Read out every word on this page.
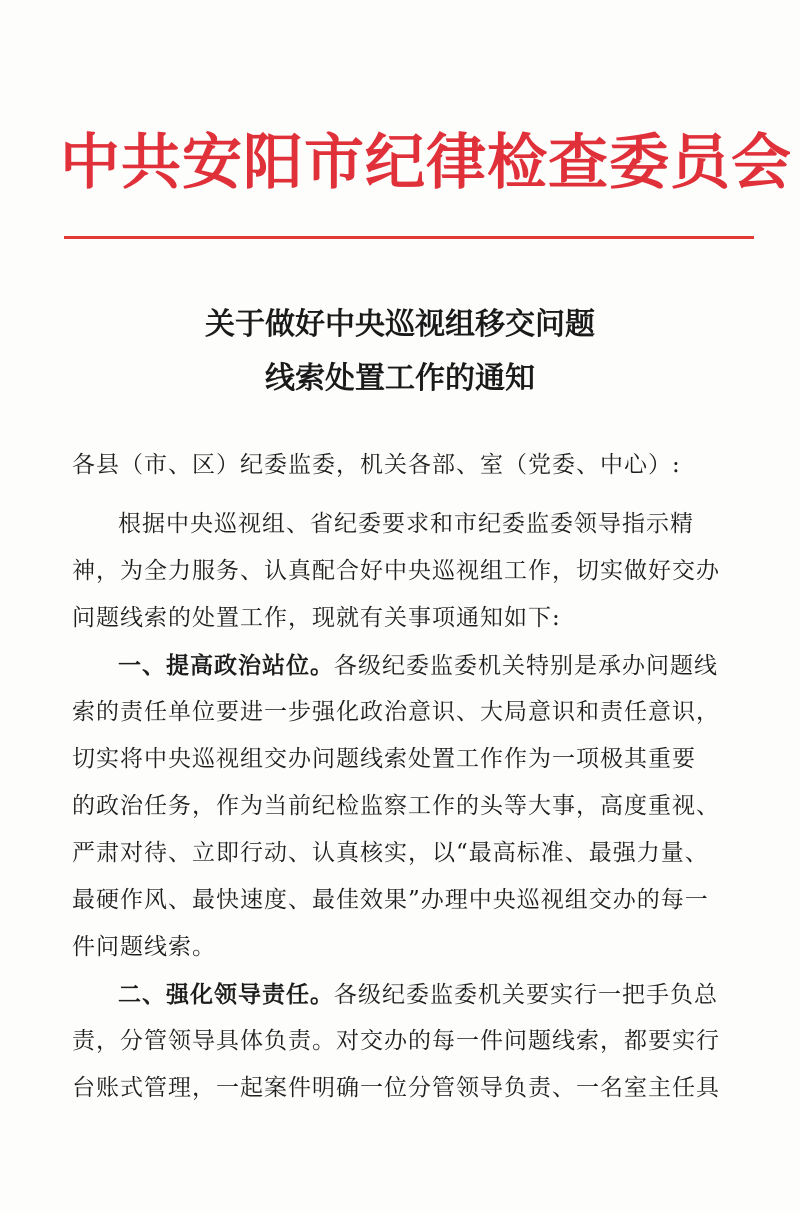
中共安阳市纪律检查委员会
关于做好中央巡视组移交问题
线索处置工作的通知
各县（市、区）纪委监委，机关各部、室（党委、中心）:
根据中央巡视组、省纪委要求和市纪委监委领导指示精
神，为全力服务、认真配合好中央巡视组工作，切实做好交办
问题线索的处置工作，现就有关事项通知如下:
一、提高政治站位。各级纪委监委机关特别是承办问题线
索的责任单位要进一步强化政治意识、大局意识和责任意识，
切实将中央巡视组交办问题线索处置工作作为一项极其重要
的政治任务，作为当前纪检监察工作的头等大事，高度重视、
严肃对待、立即行动、认真核实，以“最高标准、最强力量、
最硬作风、最快速度、最佳效果”办理中央巡视组交办的每一
件问题线索。
二、强化领导责任。各级纪委监委机关要实行一把手负总
责，分管领导具体负责。对交办的每一件问题线索，都要实行
台账式管理，一起案件明确一位分管领导负责、一名室主任具
